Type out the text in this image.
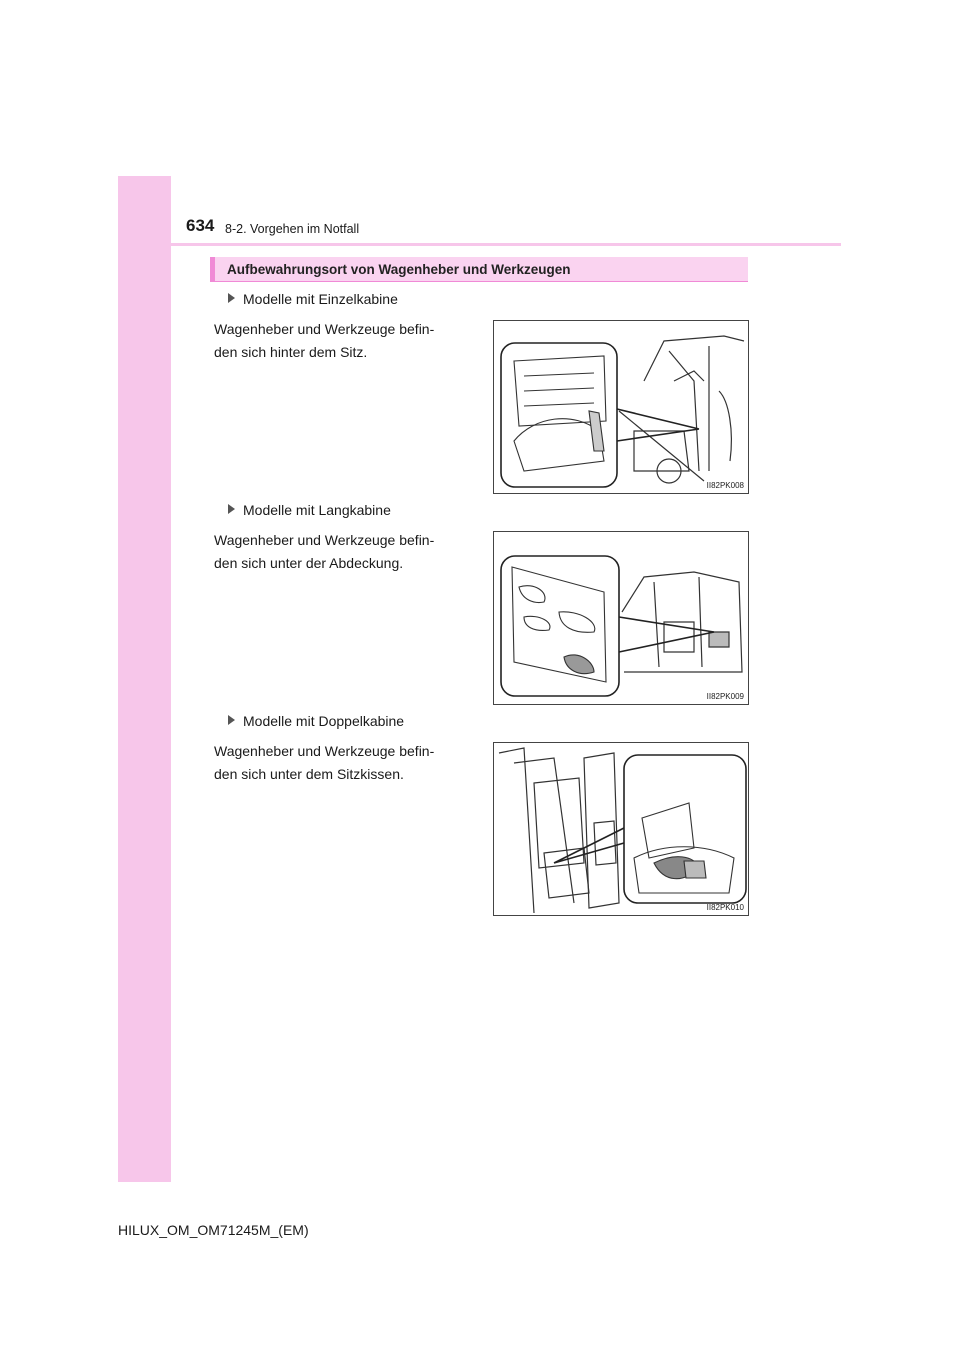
634 8-2. Vorgehen im Notfall
Aufbewahrungsort von Wagenheber und Werkzeugen
Modelle mit Einzelkabine
Wagenheber und Werkzeuge befin-
den sich hinter dem Sitz.
II82PK008
Modelle mit Langkabine
Wagenheber und Werkzeuge befin-
den sich unter der Abdeckung.
II82PK009
Modelle mit Doppelkabine
Wagenheber und Werkzeuge befin-
den sich unter dem Sitzkissen.
II82PK010
HILUX_OM_OM71245M_(EM)
